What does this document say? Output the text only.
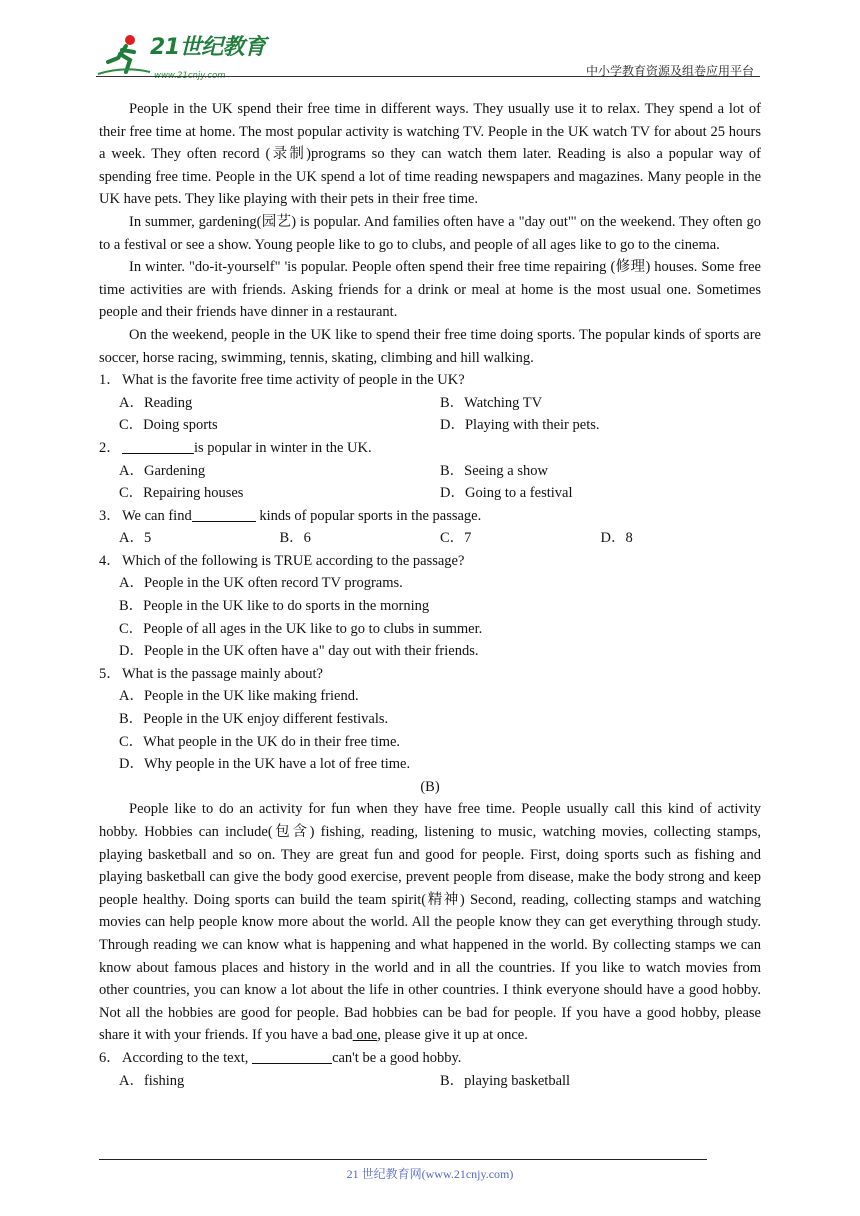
21世纪教育
www.21cnjy.com	中小学教育资源及组卷应用平台

People in the UK spend their free time in different ways. They usually use it to relax. They spend a lot of their free time at home. The most popular activity is watching TV. People in the UK watch TV for about 25 hours a week. They often record (录制)programs so they can watch them later. Reading is also a popular way of spending free time. People in the UK spend a lot of time reading newspapers and magazines. Many people in the UK have pets. They like playing with their pets in their free time.

In summer, gardening(园艺) is popular. And families often have a "day out"' on the weekend. They often go to a festival or see a show. Young people like to go to clubs, and people of all ages like to go to the cinema.

In winter. "do-it-yourself" 'is popular. People often spend their free time repairing (修理) houses. Some free time activities are with friends. Asking friends for a drink or meal at home is the most usual one. Sometimes people and their friends have dinner in a restaurant.

On the weekend, people in the UK like to spend their free time doing sports. The popular kinds of sports are soccer, horse racing, swimming, tennis, skating, climbing and hill walking.

1．What is the favorite free time activity of people in the UK?

A．Reading	B．Watching TV
C．Doing sports	D．Playing with their pets.

2．	is popular in winter in the UK.

A．Gardening	B．Seeing a show
C．Repairing houses	D．Going to a festival

3．We can find	kinds of popular sports in the passage.

A．5	B．6	C．7	D．8

4．Which of the following is TRUE according to the passage?

A．People in the UK often record TV programs.
B．People in the UK like to do sports in the morning
C．People of all ages in the UK like to go to clubs in summer.
D．People in the UK often have a" day out with their friends.

5．What is the passage mainly about?

A．People in the UK like making friend.
B．People in the UK enjoy different festivals.
C．What people in the UK do in their free time.
D．Why people in the UK have a lot of free time.

(B)

People like to do an activity for fun when they have free time. People usually call this kind of activity hobby. Hobbies can include(包含) fishing, reading, listening to music, watching movies, collecting stamps, playing basketball and so on. They are great fun and good for people. First, doing sports such as fishing and playing basketball can give the body good exercise, prevent people from disease, make the body strong and keep people healthy. Doing sports can build the team spirit(精神) Second, reading, collecting stamps and watching movies can help people know more about the world. All the people know they can get everything through study. Through reading we can know what is happening and what happened in the world. By collecting stamps we can know about famous places and history in the world and in all the countries. If you like to watch movies from other countries, you can know a lot about the life in other countries. I think everyone should have a good hobby. Not all the hobbies are good for people. Bad hobbies can be bad for people. If you have a good hobby, please share it with your friends. If you have a bad one, please give it up at once.

6．According to the text,	can't be a good hobby.

A．fishing	B．playing basketball
21 世纪教育网(www.21cnjy.com)
